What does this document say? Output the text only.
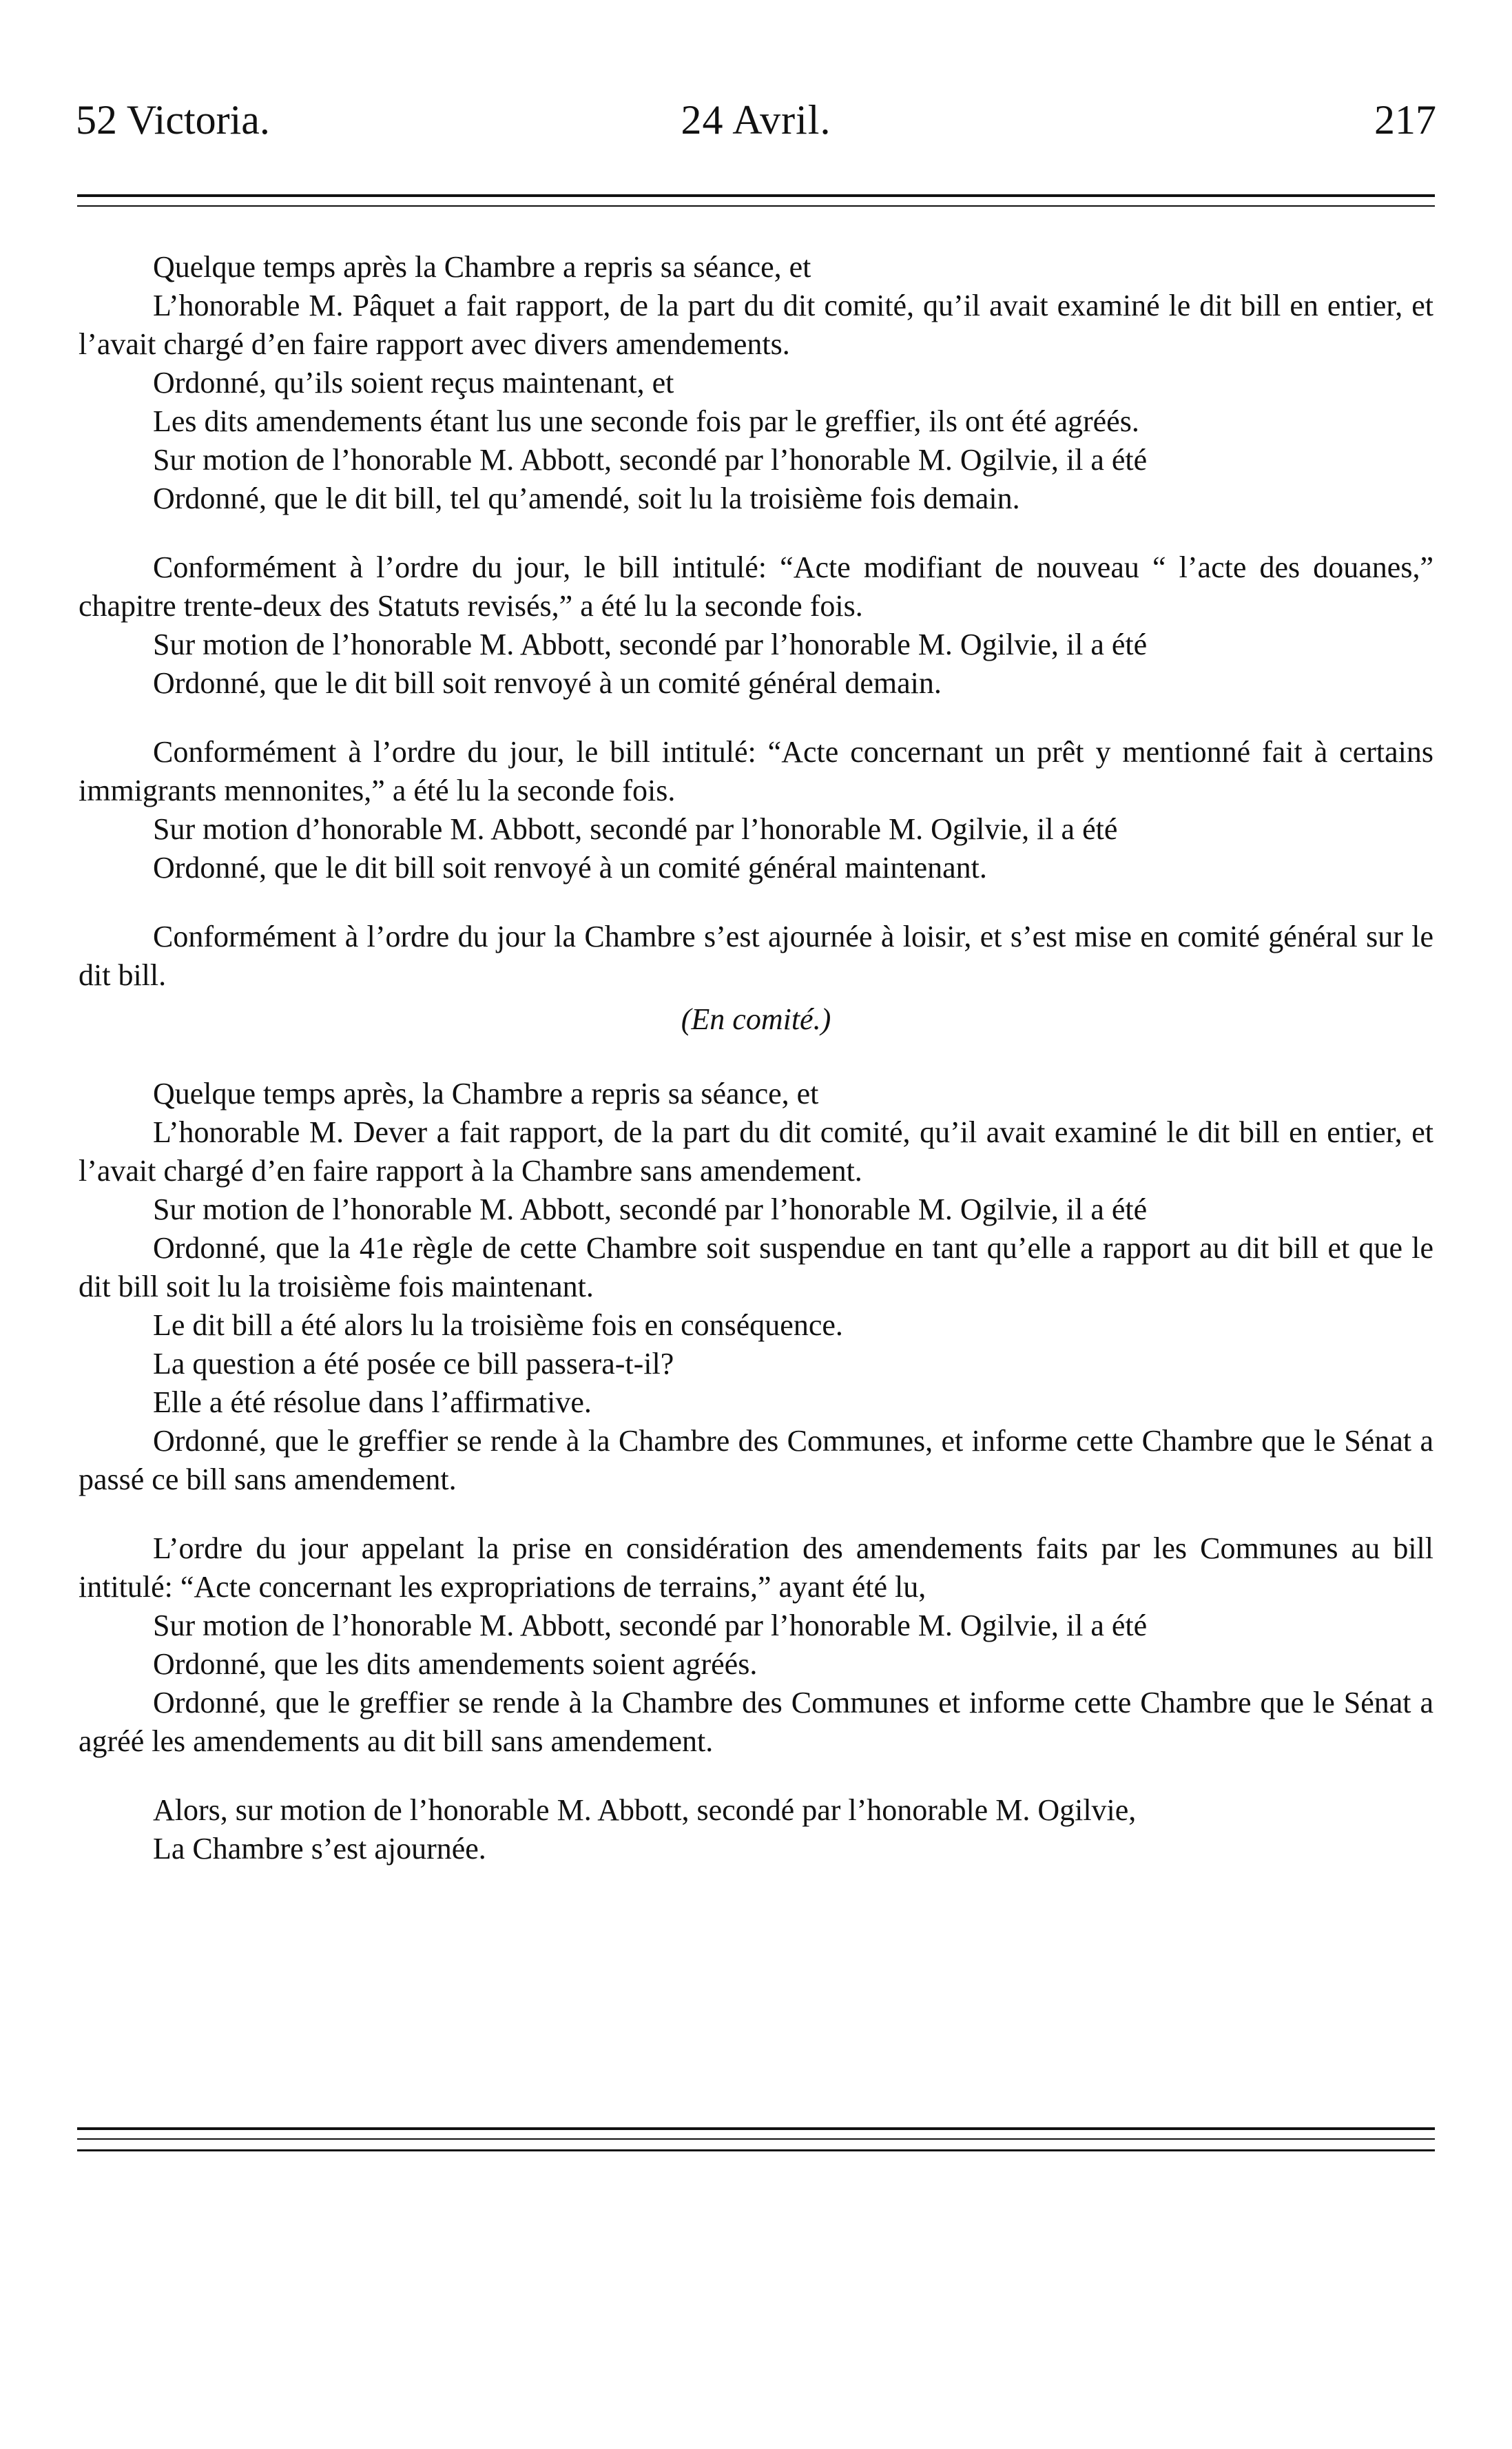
52 Victoria.	24 Avril.	217

Quelque temps après la Chambre a repris sa séance, et

L’honorable M. Pâquet a fait rapport, de la part du dit comité, qu’il avait examiné le dit bill en entier, et l’avait chargé d’en faire rapport avec divers amendements.

Ordonné, qu’ils soient reçus maintenant, et

Les dits amendements étant lus une seconde fois par le greffier, ils ont été agréés.

Sur motion de l’honorable M. Abbott, secondé par l’honorable M. Ogilvie, il a été

Ordonné, que le dit bill, tel qu’amendé, soit lu la troisième fois demain.

Conformément à l’ordre du jour, le bill intitulé: “Acte modifiant de nouveau “ l’acte des douanes,” chapitre trente-deux des Statuts revisés,” a été lu la seconde fois.

Sur motion de l’honorable M. Abbott, secondé par l’honorable M. Ogilvie, il a été

Ordonné, que le dit bill soit renvoyé à un comité général demain.

Conformément à l’ordre du jour, le bill intitulé: “Acte concernant un prêt y mentionné fait à certains immigrants mennonites,” a été lu la seconde fois.

Sur motion d’honorable M. Abbott, secondé par l’honorable M. Ogilvie, il a été

Ordonné, que le dit bill soit renvoyé à un comité général maintenant.

Conformément à l’ordre du jour la Chambre s’est ajournée à loisir, et s’est mise en comité général sur le dit bill.

(En comité.)

Quelque temps après, la Chambre a repris sa séance, et

L’honorable M. Dever a fait rapport, de la part du dit comité, qu’il avait examiné le dit bill en entier, et l’avait chargé d’en faire rapport à la Chambre sans amendement.

Sur motion de l’honorable M. Abbott, secondé par l’honorable M. Ogilvie, il a été

Ordonné, que la 41e règle de cette Chambre soit suspendue en tant qu’elle a rapport au dit bill et que le dit bill soit lu la troisième fois maintenant.

Le dit bill a été alors lu la troisième fois en conséquence.

La question a été posée ce bill passera-t-il?

Elle a été résolue dans l’affirmative.

Ordonné, que le greffier se rende à la Chambre des Communes, et informe cette Chambre que le Sénat a passé ce bill sans amendement.

L’ordre du jour appelant la prise en considération des amendements faits par les Communes au bill intitulé: “Acte concernant les expropriations de terrains,” ayant été lu,

Sur motion de l’honorable M. Abbott, secondé par l’honorable M. Ogilvie, il a été

Ordonné, que les dits amendements soient agréés.

Ordonné, que le greffier se rende à la Chambre des Communes et informe cette Chambre que le Sénat a agréé les amendements au dit bill sans amendement.

Alors, sur motion de l’honorable M. Abbott, secondé par l’honorable M. Ogilvie,

La Chambre s’est ajournée.
